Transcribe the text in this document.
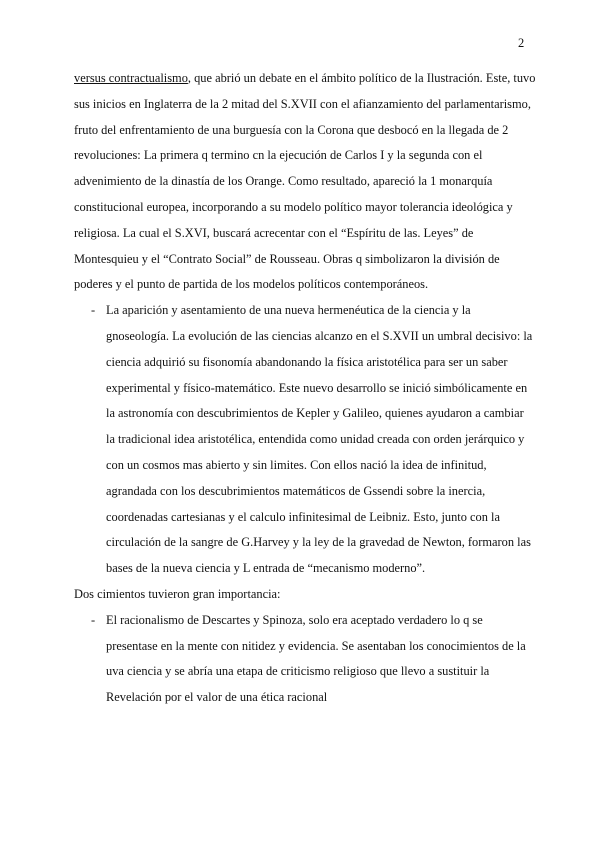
2
versus contractualismo, que abrió un debate en el ámbito político de la Ilustración. Este, tuvo
sus inicios en Inglaterra de la 2 mitad del S.XVII con el afianzamiento del parlamentarismo,
fruto del enfrentamiento de una burguesía con la Corona que desbocó en la llegada de 2
revoluciones: La primera q termino cn la ejecución de Carlos I y la segunda con el
advenimiento de la dinastía de los Orange. Como resultado, apareció la 1 monarquía
constitucional europea, incorporando a su modelo político mayor tolerancia ideológica y
religiosa. La cual el S.XVI, buscará acrecentar con el “Espíritu de las. Leyes” de
Montesquieu y el “Contrato Social” de Rousseau. Obras q simbolizaron la división de
poderes y el punto de partida de los modelos políticos contemporáneos.
- La aparición y asentamiento de una nueva hermenéutica de la ciencia y la
gnoseología. La evolución de las ciencias alcanzo en el S.XVII un umbral decisivo: la
ciencia adquirió su fisonomía abandonando la física aristotélica para ser un saber
experimental y físico-matemático. Este nuevo desarrollo se inició simbólicamente en
la astronomía con descubrimientos de Kepler y Galileo, quienes ayudaron a cambiar
la tradicional idea aristotélica, entendida como unidad creada con orden jerárquico y
con un cosmos mas abierto y sin limites. Con ellos nació la idea de infinitud,
agrandada con los descubrimientos matemáticos de Gssendi sobre la inercia,
coordenadas cartesianas y el calculo infinitesimal de Leibniz. Esto, junto con la
circulación de la sangre de G.Harvey y la ley de la gravedad de Newton, formaron las
bases de la nueva ciencia y L entrada de “mecanismo moderno”.
Dos cimientos tuvieron gran importancia:
- El racionalismo de Descartes y Spinoza, solo era aceptado verdadero lo q se
presentase en la mente con nitidez y evidencia. Se asentaban los conocimientos de la
uva ciencia y se abría una etapa de criticismo religioso que llevo a sustituir la
Revelación por el valor de una ética racional
